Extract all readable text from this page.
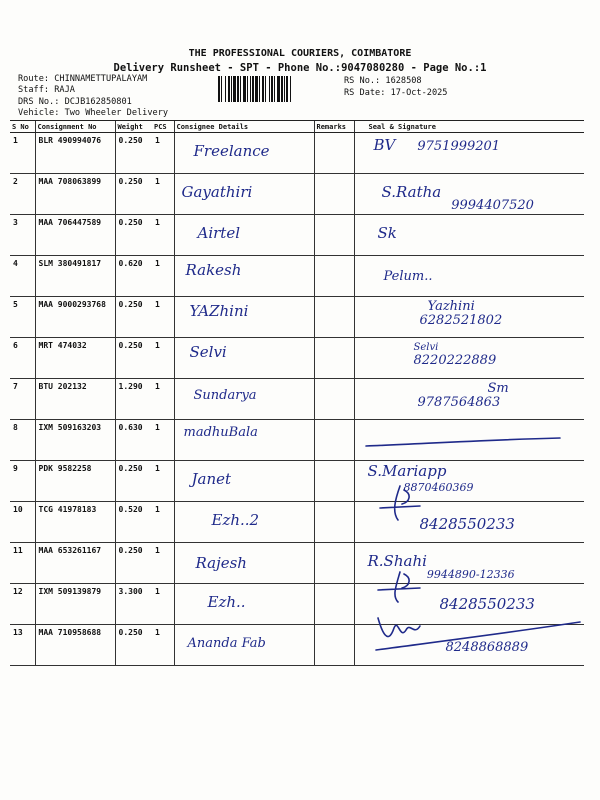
THE PROFESSIONAL COURIERS, COIMBATORE
Delivery Runsheet - SPT - Phone No.:9047080280 - Page No.:1
Route: CHINNAMETTUPALAYAM
Staff: RAJA
DRS No.: DCJB162850801
Vehicle: Two Wheeler Delivery
RS No.: 1628508
RS Date: 17-Oct-2025
S No	Consignment No	Weight	PCS	Consignee Details	Remarks	Seal & Signature
1	BLR 490994076	0.250	1	Freelance		BV 9751999201
2	MAA 708063899	0.250	1	Gayathiri		S.Ratha9994407520
3	MAA 706447589	0.250	1	Airtel		Sk
4	SLM 380491817	0.620	1	Rakesh		Pelum..
5	MAA 9000293768	0.250	1	YAZhini		Yazhini
6282521802

6	MRT 474032	0.250	1	Selvi		Selvi
8220222889

7	BTU 202132	1.290	1	Sundarya		Sm
9787564863

8	IXM 509163203	0.630	1	madhuBala		
9	PDK 9582258	0.250	1	Janet		S.Mariapp
8870460369

10	TCG 41978183	0.520	1	Ezh..2		8428550233
11	MAA 653261167	0.250	1	Rajesh		R.Shahi9944890-12336
12	IXM 509139879	3.300	1	Ezh..		8428550233
13	MAA 710958688	0.250	1	Ananda Fab		8248868889
